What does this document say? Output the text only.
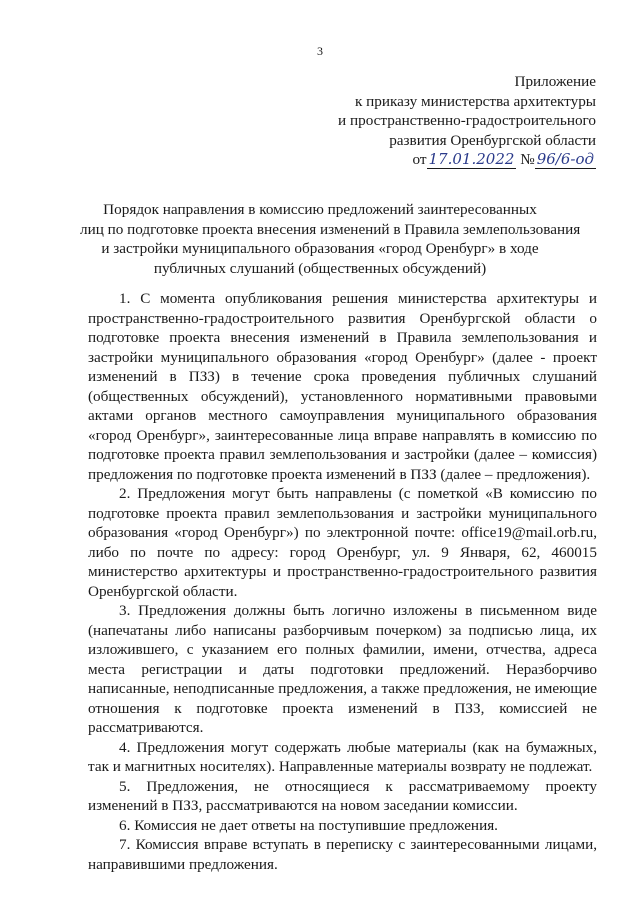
3
Приложение
к приказу министерства архитектуры
и пространственно-градостроительного
развития Оренбургской области
от 17.01.2022 № 96/6-од
Порядок направления в комиссию предложений заинтересованных
лиц по подготовке проекта внесения изменений в Правила землепользования
и застройки муниципального образования «город Оренбург» в ходе
публичных слушаний (общественных обсуждений)

1. С момента опубликования решения министерства архитектуры и пространственно-градостроительного развития Оренбургской области о подготовке проекта внесения изменений в Правила землепользования и застройки муниципального образования «город Оренбург» (далее - проект изменений в ПЗЗ) в течение срока проведения публичных слушаний (общественных обсуждений), установленного нормативными правовыми актами органов местного самоуправления муниципального образования «город Оренбург», заинтересованные лица вправе направлять в комиссию по подготовке проекта правил землепользования и застройки (далее – комиссия) предложения по подготовке проекта изменений в ПЗЗ (далее – предложения).

2. Предложения могут быть направлены (с пометкой «В комиссию по подготовке проекта правил землепользования и застройки муниципального образования «город Оренбург») по электронной почте: office19@mail.orb.ru, либо по почте по адресу: город Оренбург, ул. 9 Января, 62, 460015 министерство архитектуры и пространственно-градостроительного развития Оренбургской области.

3. Предложения должны быть логично изложены в письменном виде (напечатаны либо написаны разборчивым почерком) за подписью лица, их изложившего, с указанием его полных фамилии, имени, отчества, адреса места регистрации и даты подготовки предложений. Неразборчиво написанные, неподписанные предложения, а также предложения, не имеющие отношения к подготовке проекта изменений в ПЗЗ, комиссией не рассматриваются.

4. Предложения могут содержать любые материалы (как на бумажных, так и магнитных носителях). Направленные материалы возврату не подлежат.

5. Предложения, не относящиеся к рассматриваемому проекту изменений в ПЗЗ, рассматриваются на новом заседании комиссии.

6. Комиссия не дает ответы на поступившие предложения.

7. Комиссия вправе вступать в переписку с заинтересованными лицами, направившими предложения.
